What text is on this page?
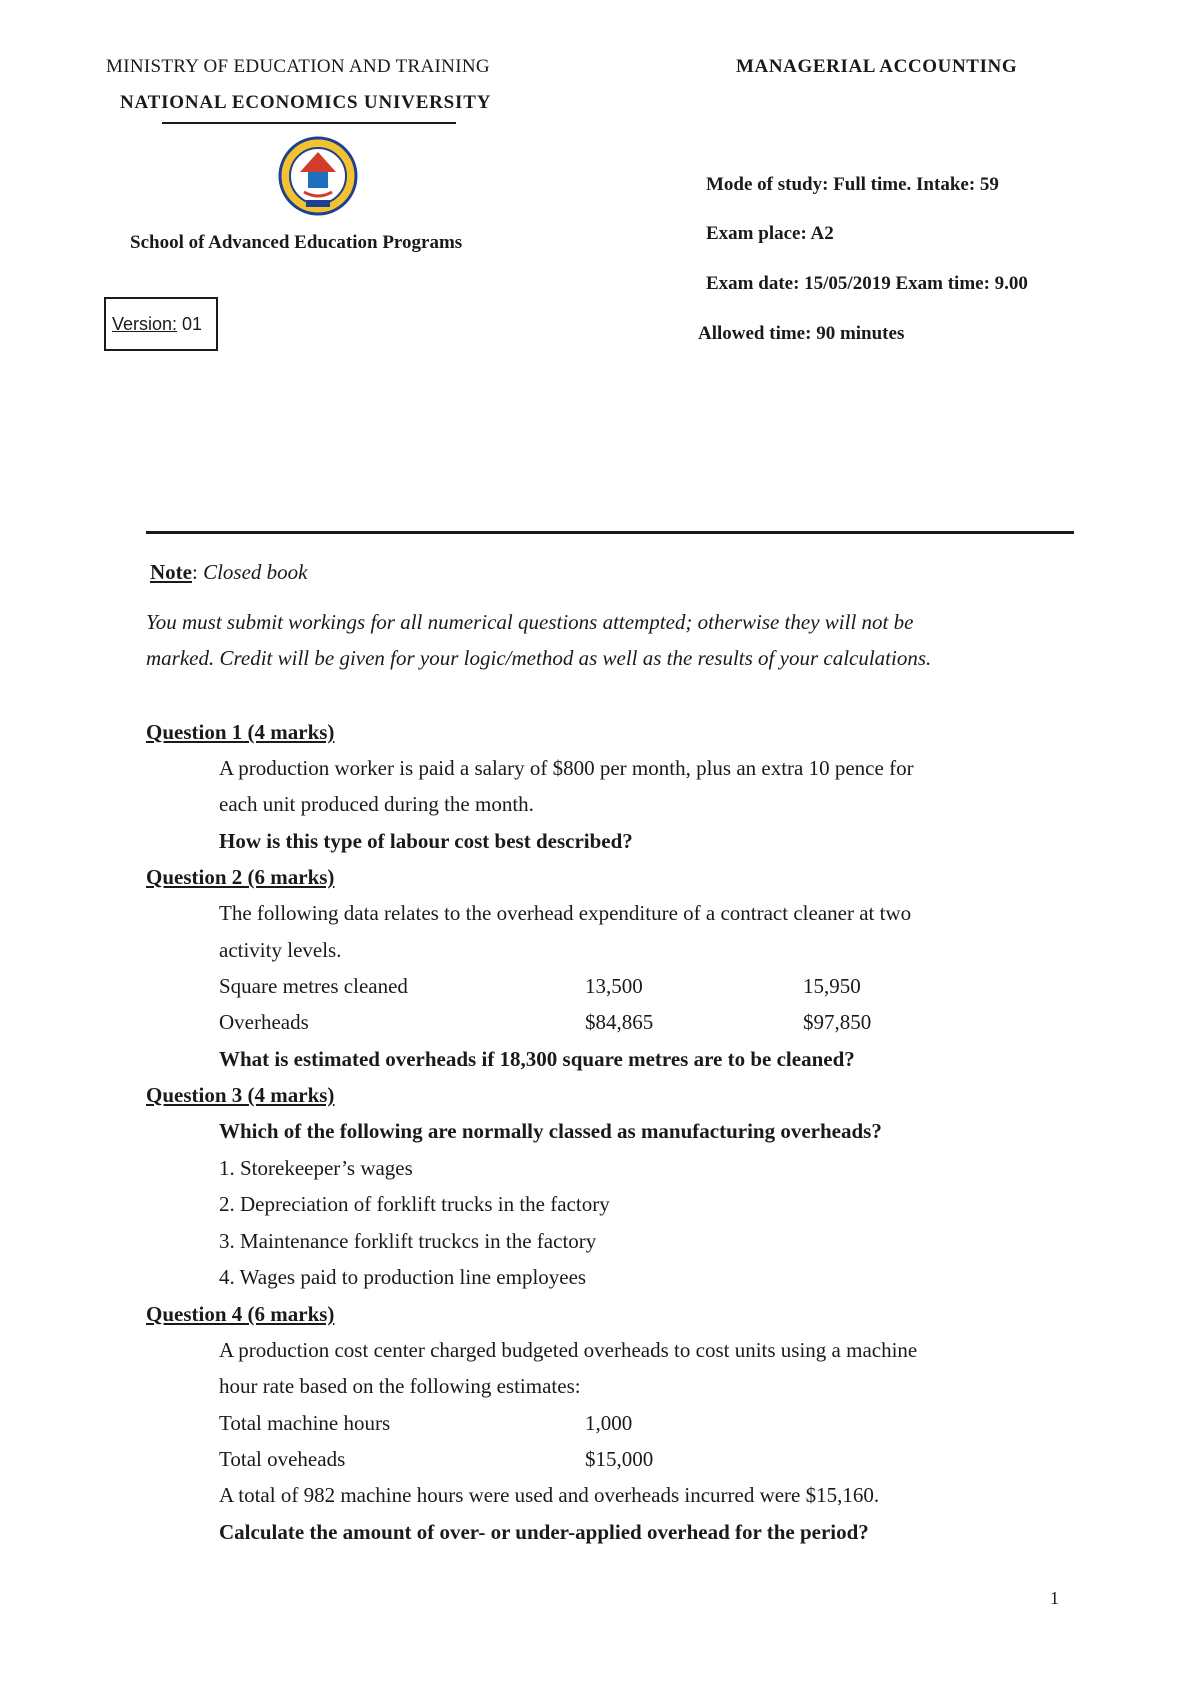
MINISTRY OF EDUCATION AND TRAINING
NATIONAL ECONOMICS UNIVERSITY
MANAGERIAL ACCOUNTING
School of Advanced Education Programs
Version: 01
Mode of study: Full time. Intake: 59
Exam place: A2
Exam date: 15/05/2019 Exam time: 9.00
Allowed time: 90 minutes
Note: Closed book
You must submit workings for all numerical questions attempted; otherwise they will not be
marked. Credit will be given for your logic/method as well as the results of your calculations.
Question 1 (4 marks)
A production worker is paid a salary of $800 per month, plus an extra 10 pence for
each unit produced during the month.
How is this type of labour cost best described?
Question 2 (6 marks)
The following data relates to the overhead expenditure of a contract cleaner at two
activity levels.
Square metres cleaned	13,500	15,950
Overheads	$84,865	$97,850
What is estimated overheads if 18,300 square metres are to be cleaned?
Question 3 (4 marks)
Which of the following are normally classed as manufacturing overheads?
1. Storekeeper’s wages
2. Depreciation of forklift trucks in the factory
3. Maintenance forklift truckcs in the factory
4. Wages paid to production line employees
Question 4 (6 marks)
A production cost center charged budgeted overheads to cost units using a machine
hour rate based on the following estimates:
Total machine hours	1,000
Total oveheads	$15,000
A total of 982 machine hours were used and overheads incurred were $15,160.
Calculate the amount of over- or under-applied overhead for the period?
1
